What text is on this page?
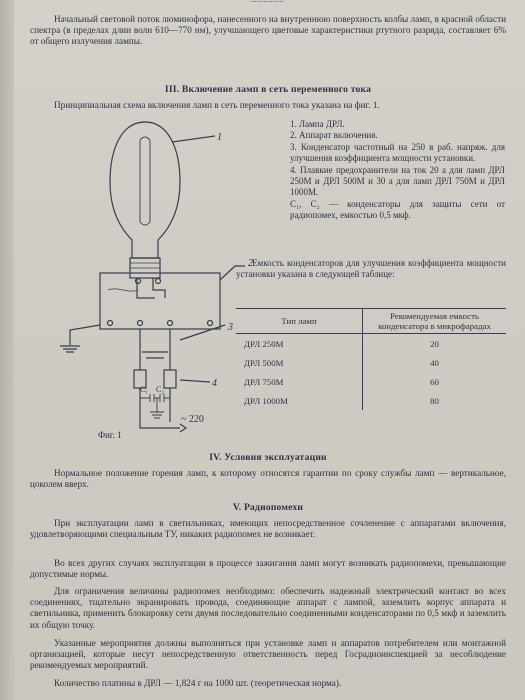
Начальный световой поток люминофора, нанесенного на внутреннюю поверхность колбы ламп, в красной области спектра (в пределах длин волн 610—770 нм), улучшающего цветовые характеристики ртутного разряда, составляет 6% от общего излучения лампы.
III. Включение ламп в сеть переменного тока
Принципиальная схема включения ламп в сеть переменного тока указана на фиг. 1.
1
2
3
4
C₁ C₂
~ 220
Фиг. 1

1. Лампа ДРЛ.

2. Аппарат включения.

3. Конденсатор частотный на 250 в раб. напряж. для улучшения коэффициента мощности установки.

4. Плавкие предохранители на ток 20 а для ламп ДРЛ 250М и ДРЛ 500М и 30 а для ламп ДРЛ 750М и ДРЛ 1000М.

C₁, C₂ — конденсаторы для защиты сети от радиопомех, емкостью 0,5 мкф.

Емкость конденсаторов для улучшения коэффициента мощности установки указана в следующей таблице:
Тип ламп	Рекомендуемая емкость конденсатора в микрофарадах
ДРЛ 250М	20
ДРЛ 500М	40
ДРЛ 750М	60
ДРЛ 1000М	80
IV. Условия эксплуатации
Нормальное положение горения ламп, к которому относятся гарантии по сроку службы ламп — вертикальное, цоколем вверх.
V. Радиопомехи
При эксплуатации ламп в светильниках, имеющих непосредственное сочленение с аппаратами включения, удовлетворяющими специальным ТУ, никаких радиопомех не возникает.
Во всех других случаях эксплуатации в процессе зажигания ламп могут возникать радиопомехи, превышающие допустимые нормы.
Для ограничения величины радиопомех необходимо: обеспечить надежный электрический контакт во всех соединениях, тщательно экранировать провода, соединяющие аппарат с лампой, заземлить корпус аппарата и светильника, применить блокировку сети двумя последовательно соединенными конденсаторами по 0,5 мкф и заземлить их общую точку.
Указанные мероприятия должны выполняться при установке ламп и аппаратов потребителем или монтажной организацией, которые несут непосредственную ответственность перед Госрадиоинспекцией за несоблюдение рекомендуемых мероприятий.
Количество платины в ДРЛ — 1,824 г на 1000 шт. (теоретическая норма).
